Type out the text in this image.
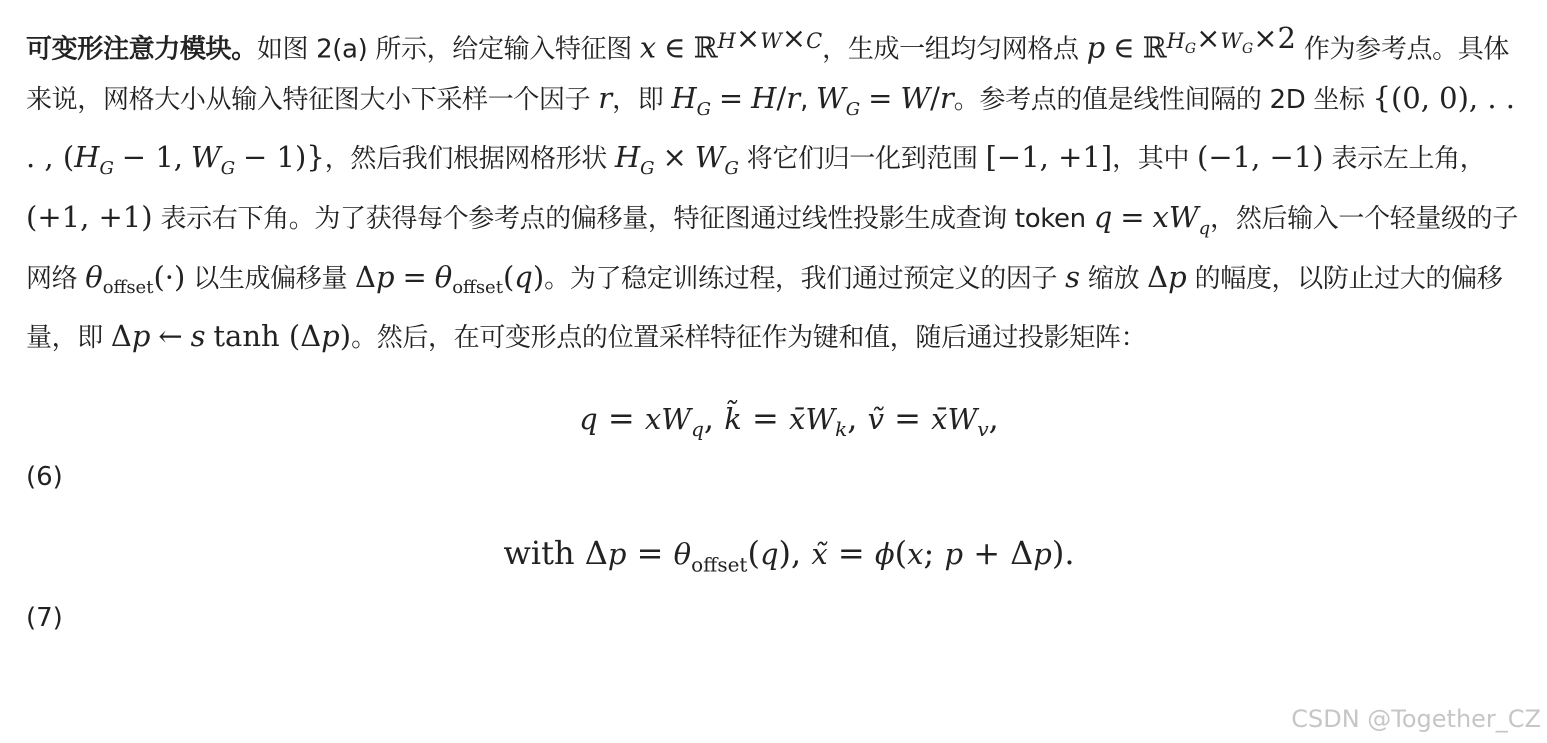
可变形注意力模块。如图 2(a) 所示，给定输入特征图 x ∈ ℝ$^{H\times W\times C}$，生成一组均匀网格点 p ∈ ℝ$^{H_G\times W_G\times 2}$ 作为参考点。具体来说，网格大小从输入特征图大小下采样一个因子 r，即 $H_G = H/r$, $W_G = W/r$。参考点的值是线性间隔的 2D 坐标 {(0, 0), . . . , ($H_G - 1$, $W_G - 1$)}，然后我们根据网格形状 $H_G \times W_G$ 将它们归一化到范围 [−1, +1]，其中 (−1, −1) 表示左上角，(+1, +1) 表示右下角。为了获得每个参考点的偏移量，特征图通过线性投影生成查询 token $q = xW_q$，然后输入一个轻量级的子网络 $\theta_{offset}(\cdot)$ 以生成偏移量 $\Delta p = \theta_{offset}(q)$。为了稳定训练过程，我们通过预定义的因子 s 缩放 Δp 的幅度，以防止过大的偏移量，即 Δp ← s tanh (Δp)。然后，在可变形点的位置采样特征作为键和值，随后通过投影矩阵：

$q = xW_q$, k̃ = $x̄W_k$, ṽ = $x̄W_v$,

(6)

with $\Delta p = \theta_{offset}(q)$, x̃ = ϕ(x; p + Δp).

(7)

CSDN @Together_CZ
